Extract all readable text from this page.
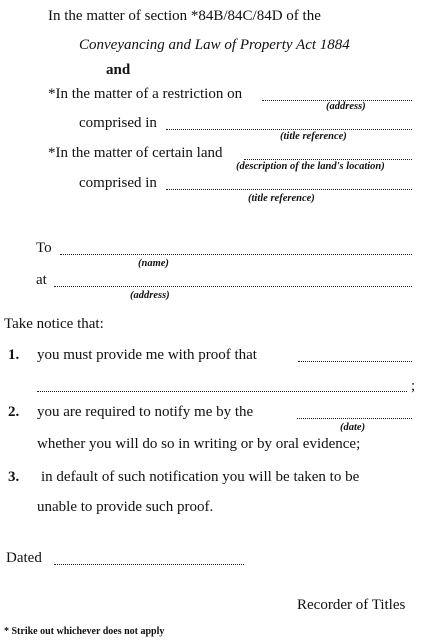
In the matter of section *84B/84C/84D of the
Conveyancing and Law of Property Act 1884
and
*In the matter of a restriction on
(address)
comprised in
(title reference)
*In the matter of certain land
(description of the land's location)
comprised in
(title reference)
To
(name)
at
(address)
Take notice that:
1. you must provide me with proof that
;
2. you are required to notify me by the
(date)
whether you will do so in writing or by oral evidence;
3. in default of such notification you will be taken to be
unable to provide such proof.
Dated
Recorder of Titles
* Strike out whichever does not apply
